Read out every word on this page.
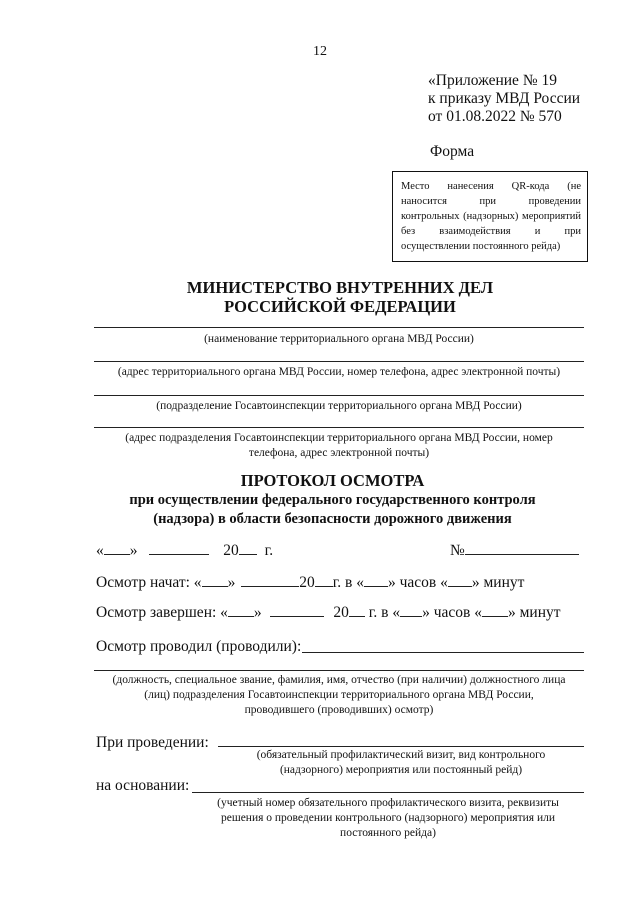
12
«Приложение № 19
к приказу МВД России
от 01.08.2022 № 570
Форма
Место нанесения QR-кода (не наносится при проведении контрольных (надзорных) мероприятий без взаимодействия и при осуществлении постоянного рейда)
МИНИСТЕРСТВО ВНУТРЕННИХ ДЕЛ
РОССИЙСКОЙ ФЕДЕРАЦИИ
(наименование территориального органа МВД России)
(адрес территориального органа МВД России, номер телефона, адрес электронной почты)
(подразделение Госавтоинспекции территориального органа МВД России)
(адрес подразделения Госавтоинспекции территориального органа МВД России, номер
телефона, адрес электронной почты)
ПРОТОКОЛ ОСМОТРА
при осуществлении федерального государственного контроля
(надзора) в области безопасности дорожного движения
« »	20 г.	№
Осмотр начат: « »	20 г. в « » часов « » минут
Осмотр завершен: « »	20 г. в « » часов « » минут
Осмотр проводил (проводили):
(должность, специальное звание, фамилия, имя, отчество (при наличии) должностного лица
(лиц) подразделения Госавтоинспекции территориального органа МВД России,
проводившего (проводивших) осмотр)
При проведении:
(обязательный профилактический визит, вид контрольного
(надзорного) мероприятия или постоянный рейд)
на основании:
(учетный номер обязательного профилактического визита, реквизиты
решения о проведении контрольного (надзорного) мероприятия или
постоянного рейда)
